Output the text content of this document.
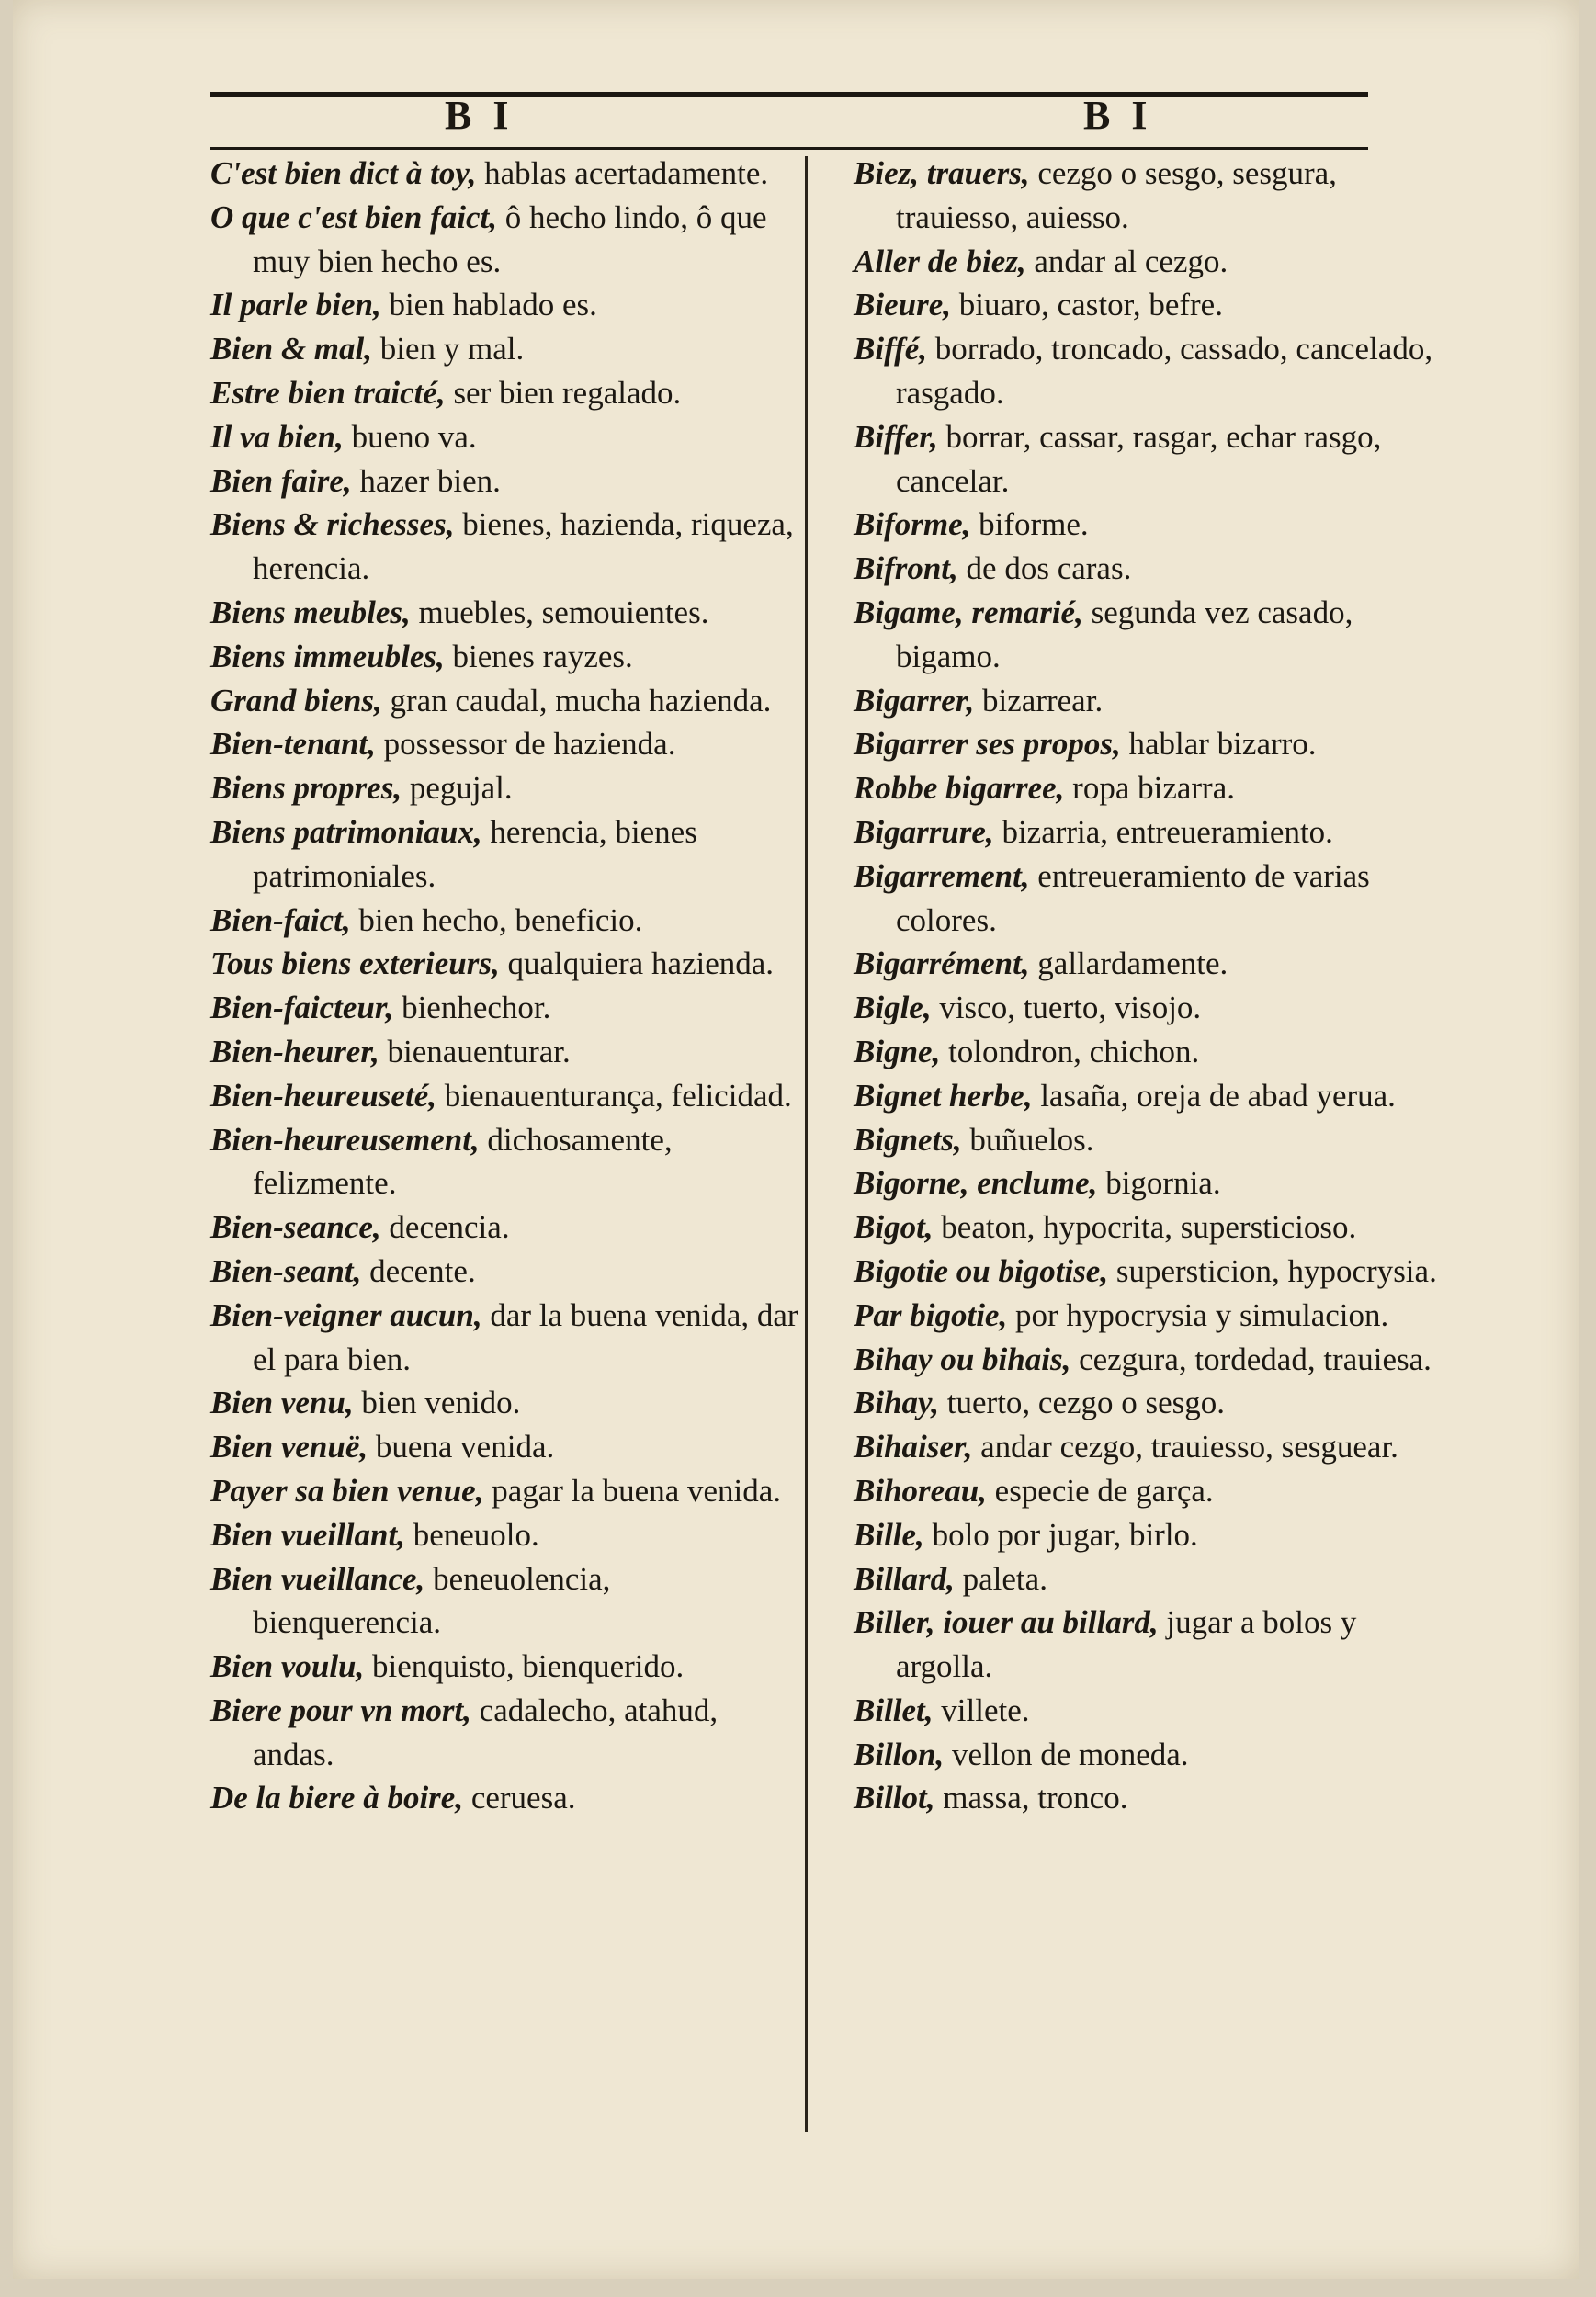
B I	B I

C'est bien dict à toy, hablas acertadamente.

O que c'est bien faict, ô hecho lindo, ô que muy bien hecho es.

Il parle bien, bien hablado es.

Bien & mal, bien y mal.

Estre bien traicté, ser bien regalado.

Il va bien, bueno va.

Bien faire, hazer bien.

Biens & richesses, bienes, hazienda, riqueza, herencia.

Biens meubles, muebles, semouientes.

Biens immeubles, bienes rayzes.

Grand biens, gran caudal, mucha hazienda.

Bien-tenant, possessor de hazienda.

Biens propres, pegujal.

Biens patrimoniaux, herencia, bienes patrimoniales.

Bien-faict, bien hecho, beneficio.

Tous biens exterieurs, qualquiera hazienda.

Bien-faicteur, bienhechor.

Bien-heurer, bienauenturar.

Bien-heureuseté, bienauenturança, felicidad.

Bien-heureusement, dichosamente, felizmente.

Bien-seance, decencia.

Bien-seant, decente.

Bien-veigner aucun, dar la buena venida, dar el para bien.

Bien venu, bien venido.

Bien venuë, buena venida.

Payer sa bien venue, pagar la buena venida.

Bien vueillant, beneuolo.

Bien vueillance, beneuolencia, bienquerencia.

Bien voulu, bienquisto, bienquerido.

Biere pour vn mort, cadalecho, atahud, andas.

De la biere à boire, ceruesa.

Biez, trauers, cezgo o sesgo, sesgura, trauiesso, auiesso.

Aller de biez, andar al cezgo.

Bieure, biuaro, castor, befre.

Biffé, borrado, troncado, cassado, cancelado, rasgado.

Biffer, borrar, cassar, rasgar, echar rasgo, cancelar.

Biforme, biforme.

Bifront, de dos caras.

Bigame, remarié, segunda vez casado, bigamo.

Bigarrer, bizarrear.

Bigarrer ses propos, hablar bizarro.

Robbe bigarree, ropa bizarra.

Bigarrure, bizarria, entreueramiento.

Bigarrement, entreueramiento de varias colores.

Bigarrément, gallardamente.

Bigle, visco, tuerto, visojo.

Bigne, tolondron, chichon.

Bignet herbe, lasaña, oreja de abad yerua.

Bignets, buñuelos.

Bigorne, enclume, bigornia.

Bigot, beaton, hypocrita, supersticioso.

Bigotie ou bigotise, supersticion, hypocrysia.

Par bigotie, por hypocrysia y simulacion.

Bihay ou bihais, cezgura, tordedad, trauiesa.

Bihay, tuerto, cezgo o sesgo.

Bihaiser, andar cezgo, trauiesso, sesguear.

Bihoreau, especie de garça.

Bille, bolo por jugar, birlo.

Billard, paleta.

Biller, iouer au billard, jugar a bolos y argolla.

Billet, villete.

Billon, vellon de moneda.

Billot, massa, tronco.
